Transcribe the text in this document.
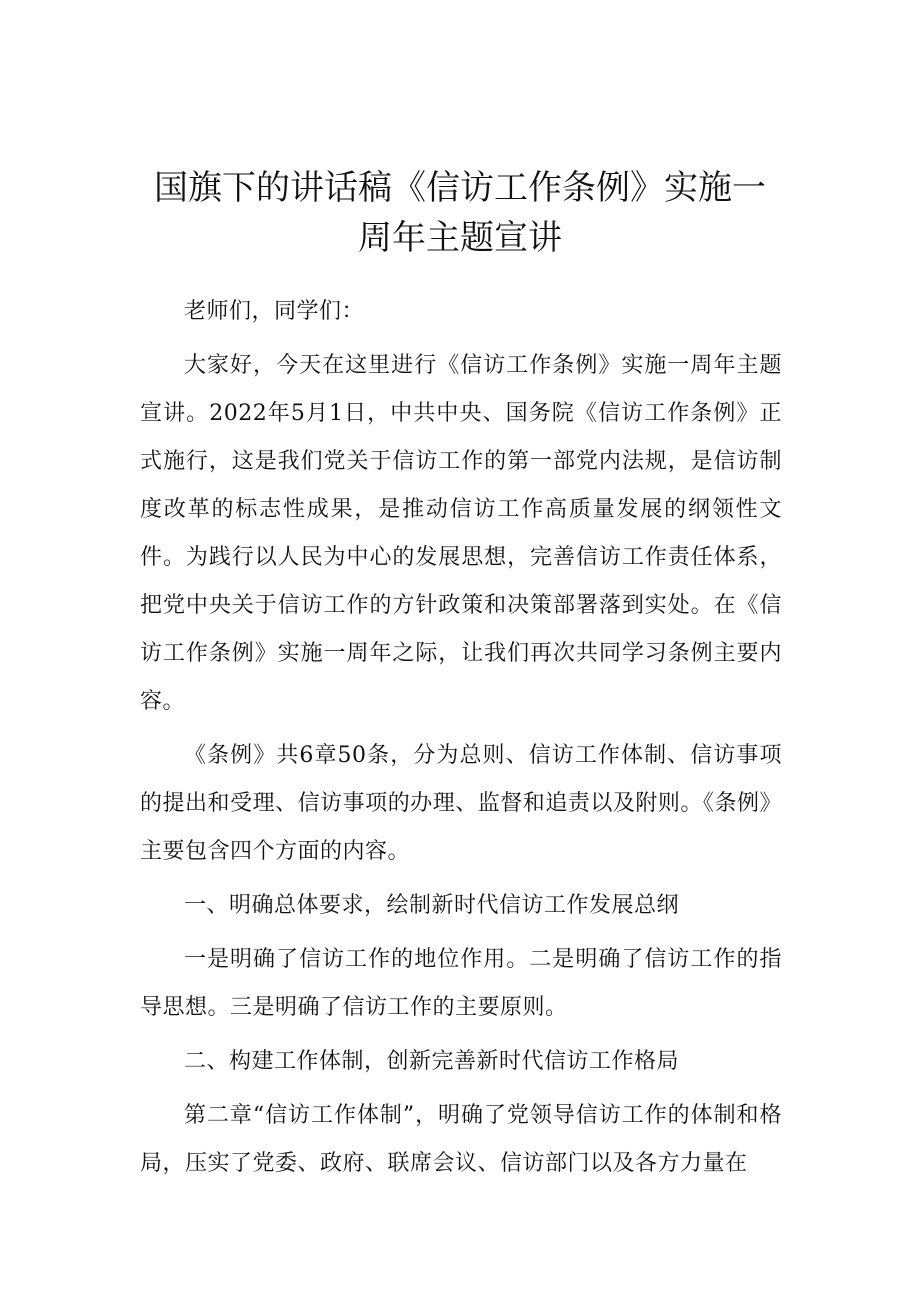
国旗下的讲话稿《信访工作条例》实施一
周年主题宣讲

老师们，同学们：

大家好，今天在这里进行《信访工作条例》实施一周年主题宣讲。2022年5月1日，中共中央、国务院《信访工作条例》正式施行，这是我们党关于信访工作的第一部党内法规，是信访制度改革的标志性成果，是推动信访工作高质量发展的纲领性文件。为践行以人民为中心的发展思想，完善信访工作责任体系，把党中央关于信访工作的方针政策和决策部署落到实处。在《信访工作条例》实施一周年之际，让我们再次共同学习条例主要内容。

《条例》共6章50条，分为总则、信访工作体制、信访事项的提出和受理、信访事项的办理、监督和追责以及附则。《条例》主要包含四个方面的内容。

一、明确总体要求，绘制新时代信访工作发展总纲

一是明确了信访工作的地位作用。二是明确了信访工作的指导思想。三是明确了信访工作的主要原则。

二、构建工作体制，创新完善新时代信访工作格局

第二章“信访工作体制”，明确了党领导信访工作的体制和格局，压实了党委、政府、联席会议、信访部门以及各方力量在
